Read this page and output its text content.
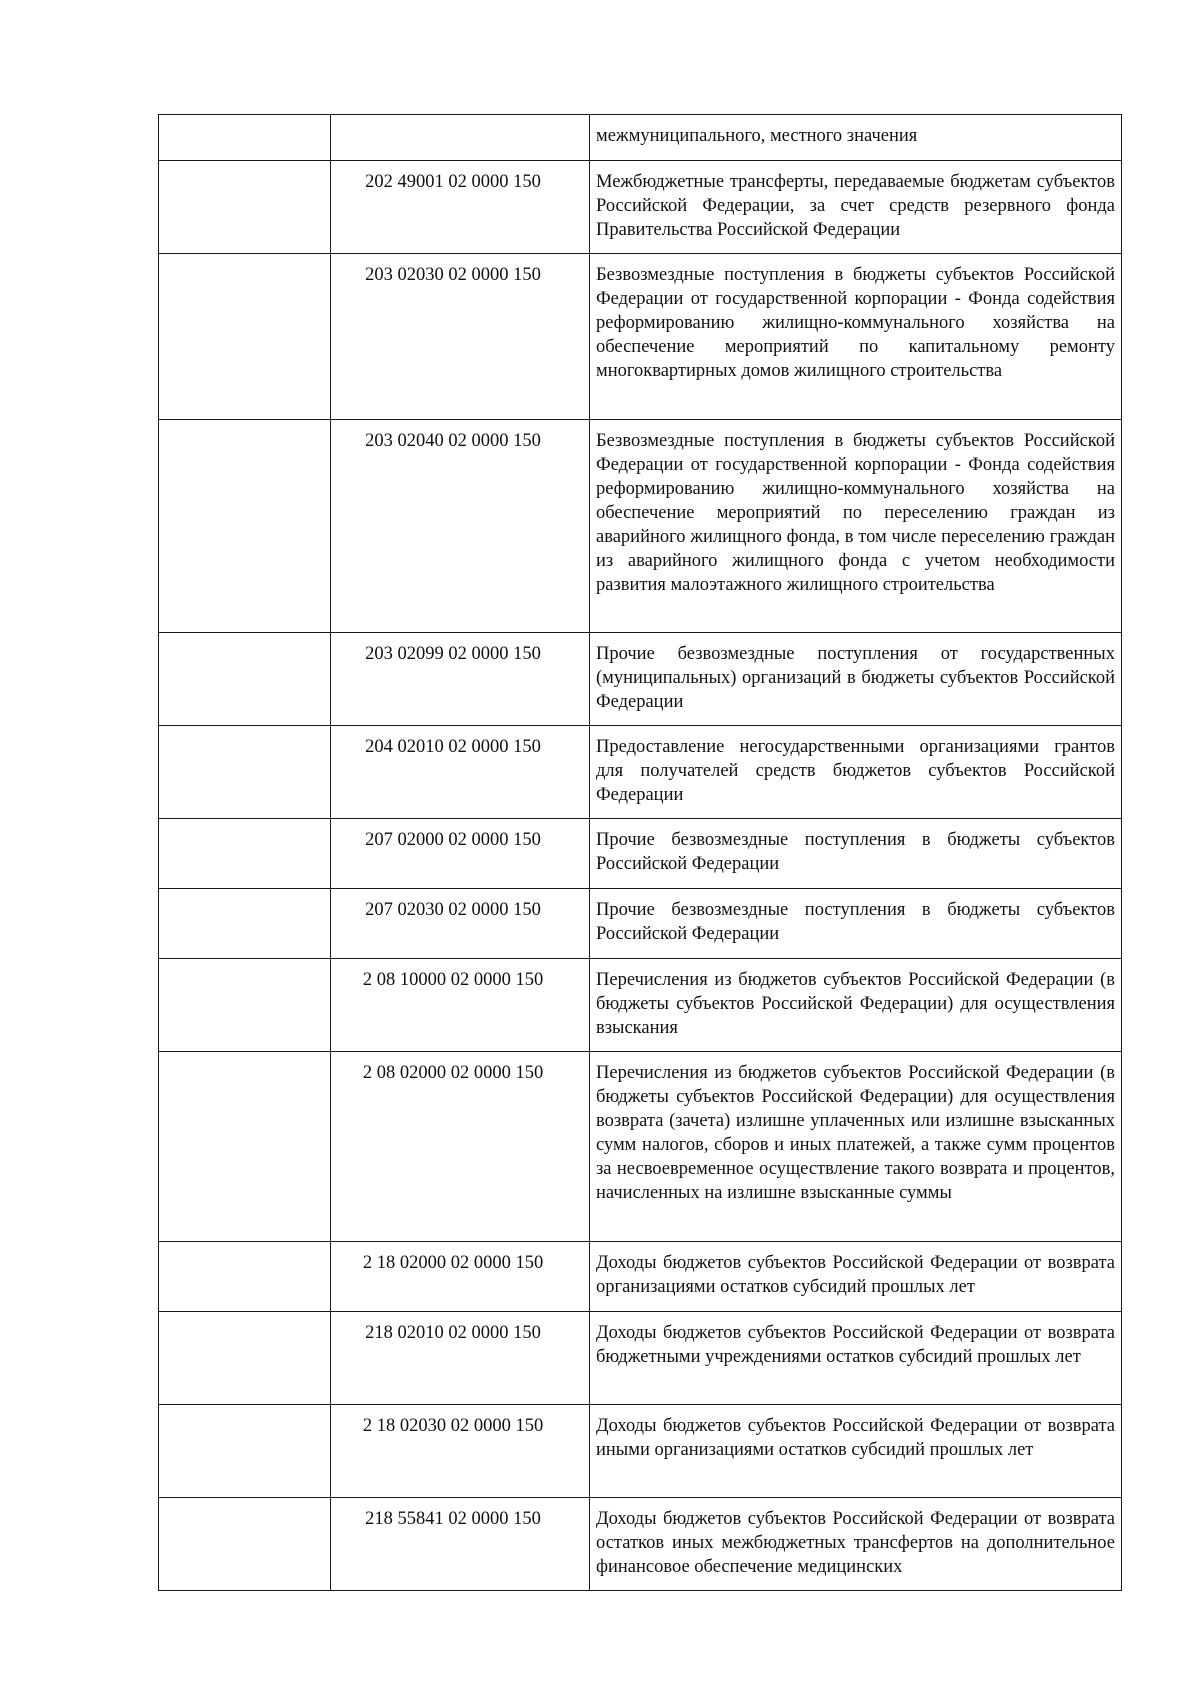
		межмуниципального, местного значения
	202 49001 02 0000 150	Межбюджетные трансферты, передаваемые бюджетам субъектов Российской Федерации, за счет средств резервного фонда Правительства Российской Федерации
	203 02030 02 0000 150	Безвозмездные поступления в бюджеты субъектов Российской Федерации от государственной корпорации - Фонда содействия реформированию жилищно-коммунального хозяйства на обеспечение мероприятий по капитальному ремонту многоквартирных домов жилищного строительства
	203 02040 02 0000 150	Безвозмездные поступления в бюджеты субъектов Российской Федерации от государственной корпорации - Фонда содействия реформированию жилищно-коммунального хозяйства на обеспечение мероприятий по переселению граждан из аварийного жилищного фонда, в том числе переселению граждан из аварийного жилищного фонда с учетом необходимости развития малоэтажного жилищного строительства
	203 02099 02 0000 150	Прочие безвозмездные поступления от государственных (муниципальных) организаций в бюджеты субъектов Российской Федерации
	204 02010 02 0000 150	Предоставление негосударственными организациями грантов для получателей средств бюджетов субъектов Российской Федерации
	207 02000 02 0000 150	Прочие безвозмездные поступления в бюджеты субъектов Российской Федерации
	207 02030 02 0000 150	Прочие безвозмездные поступления в бюджеты субъектов Российской Федерации
	2 08 10000 02 0000 150	Перечисления из бюджетов субъектов Российской Федерации (в бюджеты субъектов Российской Федерации) для осуществления взыскания
	2 08 02000 02 0000 150	Перечисления из бюджетов субъектов Российской Федерации (в бюджеты субъектов Российской Федерации) для осуществления возврата (зачета) излишне уплаченных или излишне взысканных сумм налогов, сборов и иных платежей, а также сумм процентов за несвоевременное осуществление такого возврата и процентов, начисленных на излишне взысканные суммы
	2 18 02000 02 0000 150	Доходы бюджетов субъектов Российской Федерации от возврата организациями остатков субсидий прошлых лет
	218 02010 02 0000 150	Доходы бюджетов субъектов Российской Федерации от возврата бюджетными учреждениями остатков субсидий прошлых лет
	2 18 02030 02 0000 150	Доходы бюджетов субъектов Российской Федерации от возврата иными организациями остатков субсидий прошлых лет
	218 55841 02 0000 150	Доходы бюджетов субъектов Российской Федерации от возврата остатков иных межбюджетных трансфертов на дополнительное финансовое обеспечение медицинских
